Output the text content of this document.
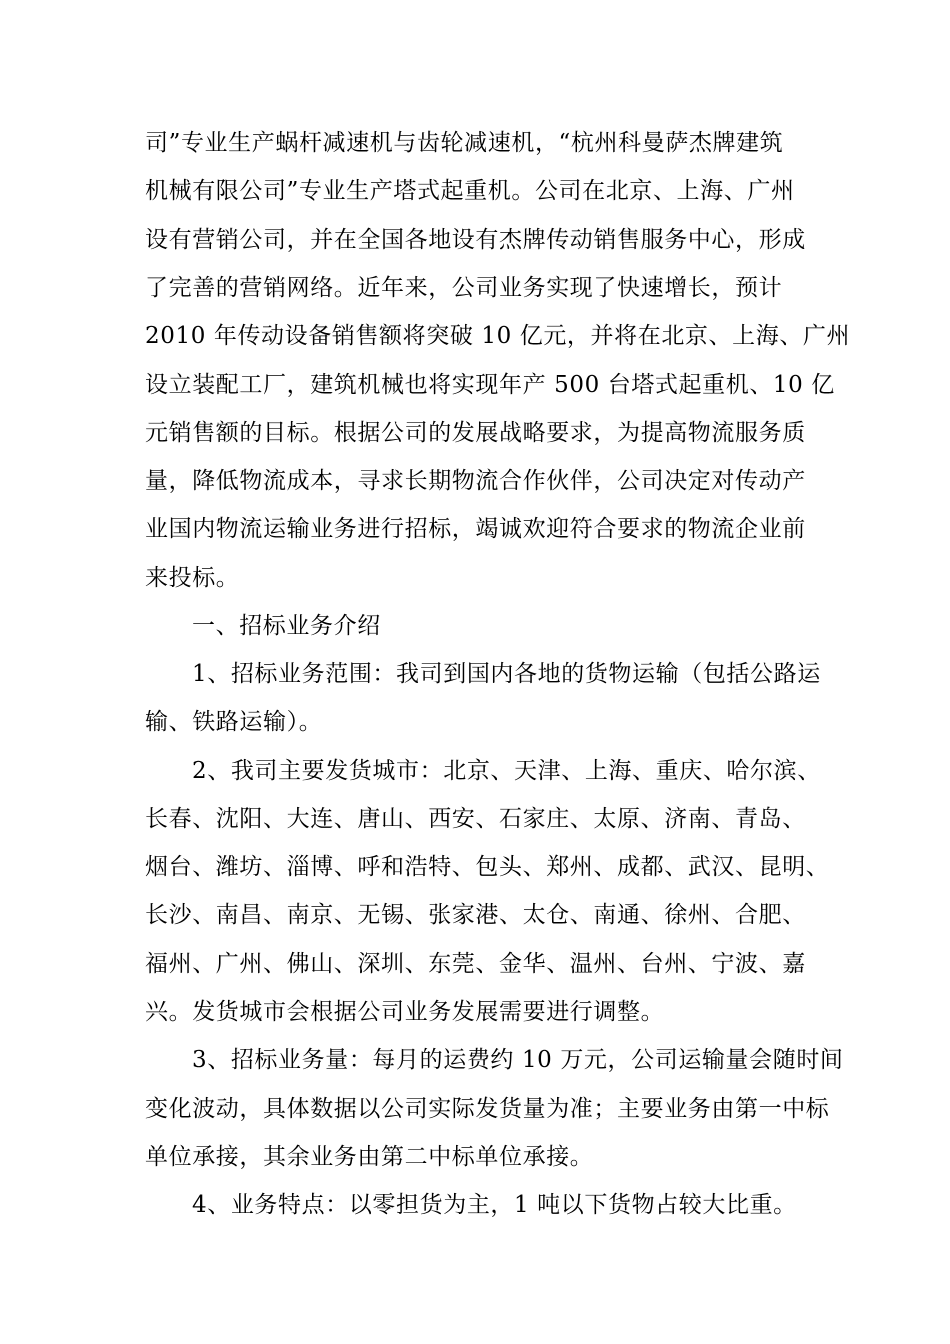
司”专业生产蜗杆减速机与齿轮减速机，“杭州科曼萨杰牌建筑
机械有限公司”专业生产塔式起重机。公司在北京、上海、广州
设有营销公司，并在全国各地设有杰牌传动销售服务中心，形成
了完善的营销网络。近年来，公司业务实现了快速增长，预计
2010 年传动设备销售额将突破 10 亿元，并将在北京、上海、广州
设立装配工厂，建筑机械也将实现年产 500 台塔式起重机、10 亿
元销售额的目标。根据公司的发展战略要求，为提高物流服务质
量，降低物流成本，寻求长期物流合作伙伴，公司决定对传动产
业国内物流运输业务进行招标，竭诚欢迎符合要求的物流企业前
来投标。
一、招标业务介绍
1、招标业务范围：我司到国内各地的货物运输（包括公路运
输、铁路运输）。
2、我司主要发货城市：北京、天津、上海、重庆、哈尔滨、
长春、沈阳、大连、唐山、西安、石家庄、太原、济南、青岛、
烟台、潍坊、淄博、呼和浩特、包头、郑州、成都、武汉、昆明、
长沙、南昌、南京、无锡、张家港、太仓、南通、徐州、合肥、
福州、广州、佛山、深圳、东莞、金华、温州、台州、宁波、嘉
兴。发货城市会根据公司业务发展需要进行调整。
3、招标业务量：每月的运费约 10 万元，公司运输量会随时间
变化波动，具体数据以公司实际发货量为准；主要业务由第一中标
单位承接，其余业务由第二中标单位承接。
4、业务特点：以零担货为主，1 吨以下货物占较大比重。
